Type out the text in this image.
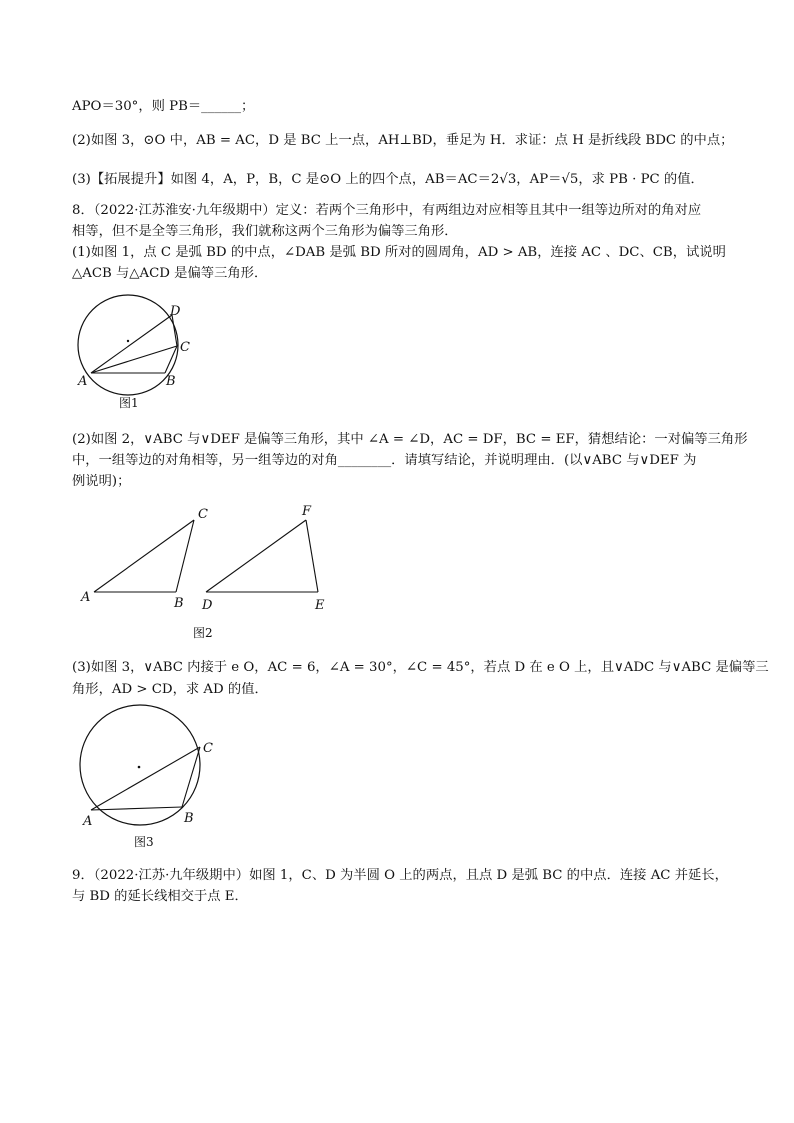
APO＝30°，则 PB＝______；
(2)如图 3，⊙O 中，AB = AC，D 是 BC 上一点，AH⊥BD，垂足为 H．求证：点 H 是折线段 BDC 的中点；
(3)【拓展提升】如图 4，A，P，B，C 是⊙O 上的四个点，AB＝AC＝2√3，AP＝√5，求 PB · PC 的值．
8．（2022·江苏淮安·九年级期中）定义：若两个三角形中，有两组边对应相等且其中一组等边所对的角对应
相等，但不是全等三角形，我们就称这两个三角形为偏等三角形．
(1)如图 1，点 C 是弧 BD 的中点，∠DAB 是弧 BD 所对的圆周角，AD > AB，连接 AC 、DC、CB，试说明
△ACB 与△ACD 是偏等三角形．
D
C
A	B
图1
(2)如图 2，∨ABC 与∨DEF 是偏等三角形，其中 ∠A = ∠D，AC = DF，BC = EF，猜想结论：一对偏等三角形
中，一组等边的对角相等，另一组等边的对角________．请填写结论，并说明理由．(以∨ABC 与∨DEF 为
例说明)；
C
A	B
F
D	E
图2
(3)如图 3，∨ABC 内接于 e O，AC = 6，∠A = 30°，∠C = 45°，若点 D 在 e O 上，且∨ADC 与∨ABC 是偏等三
角形，AD > CD，求 AD 的值．
C
A	B
图3
9．（2022·江苏·九年级期中）如图 1，C、D 为半圆 O 上的两点，且点 D 是弧 BC 的中点．连接 AC 并延长，
与 BD 的延长线相交于点 E．
